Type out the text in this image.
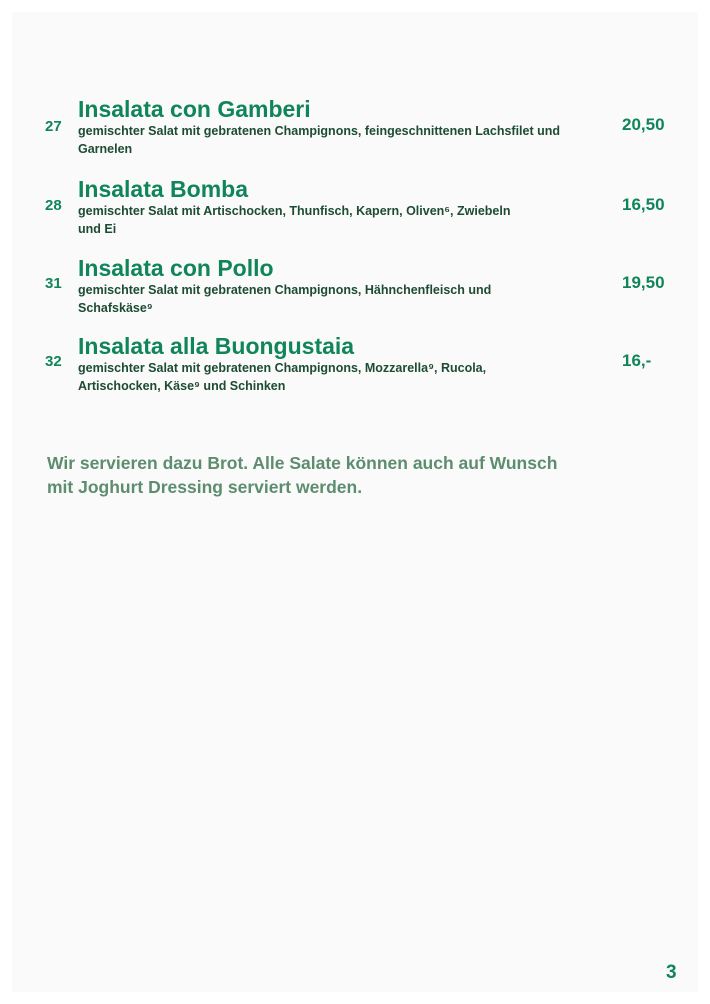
27
Insalata con Gamberi

gemischter Salat mit gebratenen Champignons, feingeschnittenen Lachsfilet und Garnelen

20,50
28
Insalata Bomba

gemischter Salat mit Artischocken, Thunfisch, Kapern, Oliven⁶, Zwiebeln und Ei

16,50
31
Insalata con Pollo

gemischter Salat mit gebratenen Champignons, Hähnchenfleisch und Schafskäse⁹

19,50
32
Insalata alla Buongustaia

gemischter Salat mit gebratenen Champignons, Mozzarella⁹, Rucola, Artischocken, Käse⁹ und Schinken

16,-

Wir servieren dazu Brot. Alle Salate können auch auf Wunsch mit Joghurt Dressing serviert werden.

3
